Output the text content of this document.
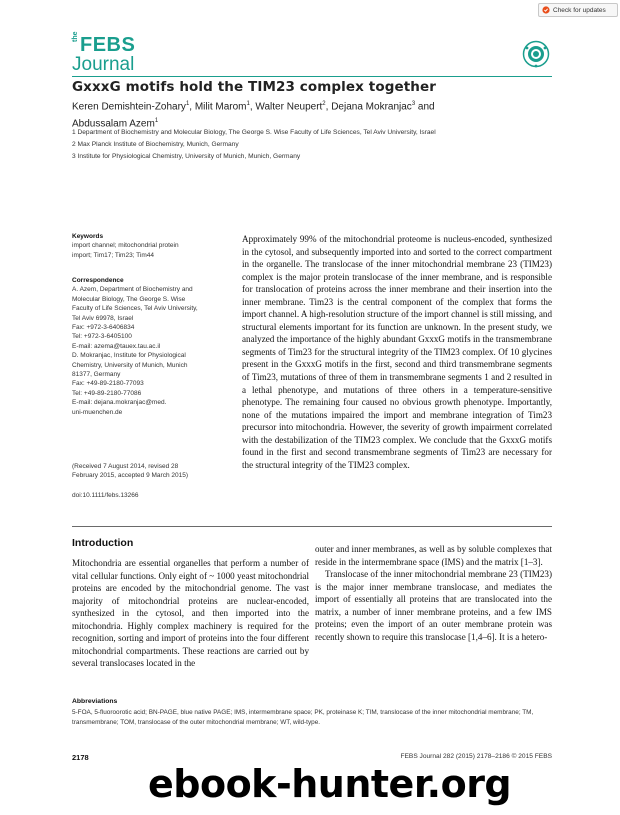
Check for updates
the FEBS
Journal
GxxxG motifs hold the TIM23 complex together
Keren Demishtein-Zohary$^1$, Milit Marom$^1$, Walter Neupert$^2$, Dejana Mokranjac$^3$ and
Abdussalam Azem$^1$
1 Department of Biochemistry and Molecular Biology, The George S. Wise Faculty of Life Sciences, Tel Aviv University, Israel
2 Max Planck Institute of Biochemistry, Munich, Germany
3 Institute for Physiological Chemistry, University of Munich, Munich, Germany
Keywords
import channel; mitochondrial protein
import; Tim17; Tim23; Tim44
Correspondence
A. Azem, Department of Biochemistry and
Molecular Biology, The George S. Wise
Faculty of Life Sciences, Tel Aviv University,
Tel Aviv 69978, Israel
Fax: +972-3-6406834
Tel: +972-3-6405100
E-mail: azema@tauex.tau.ac.il
D. Mokranjac, Institute for Physiological
Chemistry, University of Munich, Munich
81377, Germany
Fax: +49-89-2180-77093
Tel: +49-89-2180-77086
E-mail: dejana.mokranjac@med.
uni-muenchen.de
(Received 7 August 2014, revised 28
February 2015, accepted 9 March 2015)
doi:10.1111/febs.13266
Approximately 99% of the mitochondrial proteome is nucleus-encoded, synthesized in the cytosol, and subsequently imported into and sorted to the correct compartment in the organelle. The translocase of the inner mitochondrial membrane 23 (TIM23) complex is the major protein translocase of the inner membrane, and is responsible for translocation of proteins across the inner membrane and their insertion into the inner membrane. Tim23 is the central component of the complex that forms the import channel. A high-resolution structure of the import channel is still missing, and structural elements important for its function are unknown. In the present study, we analyzed the importance of the highly abundant GxxxG motifs in the transmembrane segments of Tim23 for the structural integrity of the TIM23 complex. Of 10 glycines present in the GxxxG motifs in the first, second and third transmembrane segments of Tim23, mutations of three of them in transmembrane segments 1 and 2 resulted in a lethal phenotype, and mutations of three others in a temperature-sensitive phenotype. The remaining four caused no obvious growth phenotype. Importantly, none of the mutations impaired the import and membrane integration of Tim23 precursor into mitochondria. However, the severity of growth impairment correlated with the destabilization of the TIM23 complex. We conclude that the GxxxG motifs found in the first and second transmembrane segments of Tim23 are necessary for the structural integrity of the TIM23 complex.
Introduction

Mitochondria are essential organelles that perform a number of vital cellular functions. Only eight of ~ 1000 yeast mitochondrial proteins are encoded by the mitochondrial genome. The vast majority of mitochondrial proteins are nuclear-encoded, synthesized in the cytosol, and then imported into the mitochondria. Highly complex machinery is required for the recognition, sorting and import of proteins into the four different mitochondrial compartments. These reactions are carried out by several translocases located in the

outer and inner membranes, as well as by soluble complexes that reside in the intermembrane space (IMS) and the matrix [1–3].

Translocase of the inner mitochondrial membrane 23 (TIM23) is the major inner membrane translocase, and mediates the import of essentially all proteins that are translocated into the matrix, a number of inner membrane proteins, and a few IMS proteins; even the import of an outer membrane protein was recently shown to require this translocase [1,4–6]. It is a hetero-

Abbreviations
5-FOA, 5-fluoroorotic acid; BN-PAGE, blue native PAGE; IMS, intermembrane space; PK, proteinase K; TIM, translocase of the inner mitochondrial membrane; TM, transmembrane; TOM, translocase of the outer mitochondrial membrane; WT, wild-type.
2178	FEBS Journal 282 (2015) 2178–2186 © 2015 FEBS
ebook-hunter.org
